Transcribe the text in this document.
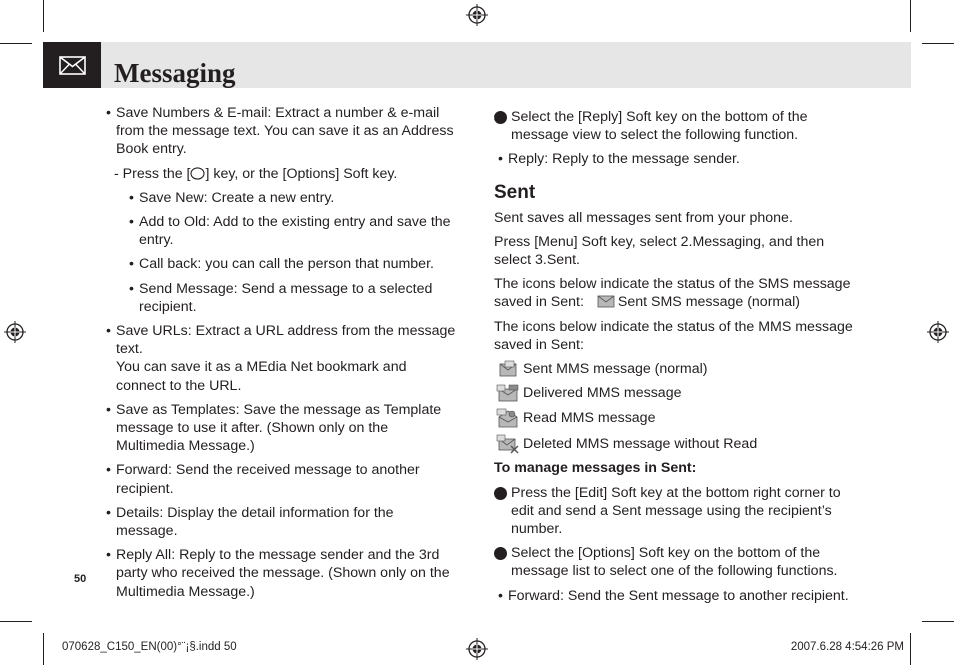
Messaging

• Save Numbers & E-mail: Extract a number & e-mail from the message text. You can save it as an Address Book entry.

- Press the [ ] key, or the [Options] Soft key.

• Save New: Create a new entry.

• Add to Old: Add to the existing entry and save the entry.

• Call back: you can call the person that number.

• Send Message: Send a message to a selected recipient.

• Save URLs: Extract a URL address from the message text.

You can save it as a MEdia Net bookmark and connect to the URL.

• Save as Templates: Save the message as Template message to use it after. (Shown only on the Multimedia Message.)

• Forward: Send the received message to another recipient.

• Details: Display the detail information for the message.

• Reply All: Reply to the message sender and the 3rd party who received the message. (Shown only on the Multimedia Message.)

50

4 Select the [Reply] Soft key on the bottom of the message view to select the following function.

• Reply: Reply to the message sender.

Sent

Sent saves all messages sent from your phone.

Press [Menu] Soft key, select 2.Messaging, and then select 3.Sent.

The icons below indicate the status of the SMS message saved in Sent: Sent SMS message (normal)

The icons below indicate the status of the MMS message saved in Sent:

Sent MMS message (normal)
Delivered MMS message
Read MMS message
Deleted MMS message without Read

To manage messages in Sent:

1 Press the [Edit] Soft key at the bottom right corner to edit and send a Sent message using the recipient’s number.

2 Select the [Options] Soft key on the bottom of the message list to select one of the following functions.

• Forward: Send the Sent message to another recipient.

070628_C150_EN(00)°¨¡§.indd 50	2007.6.28 4:54:26 PM
